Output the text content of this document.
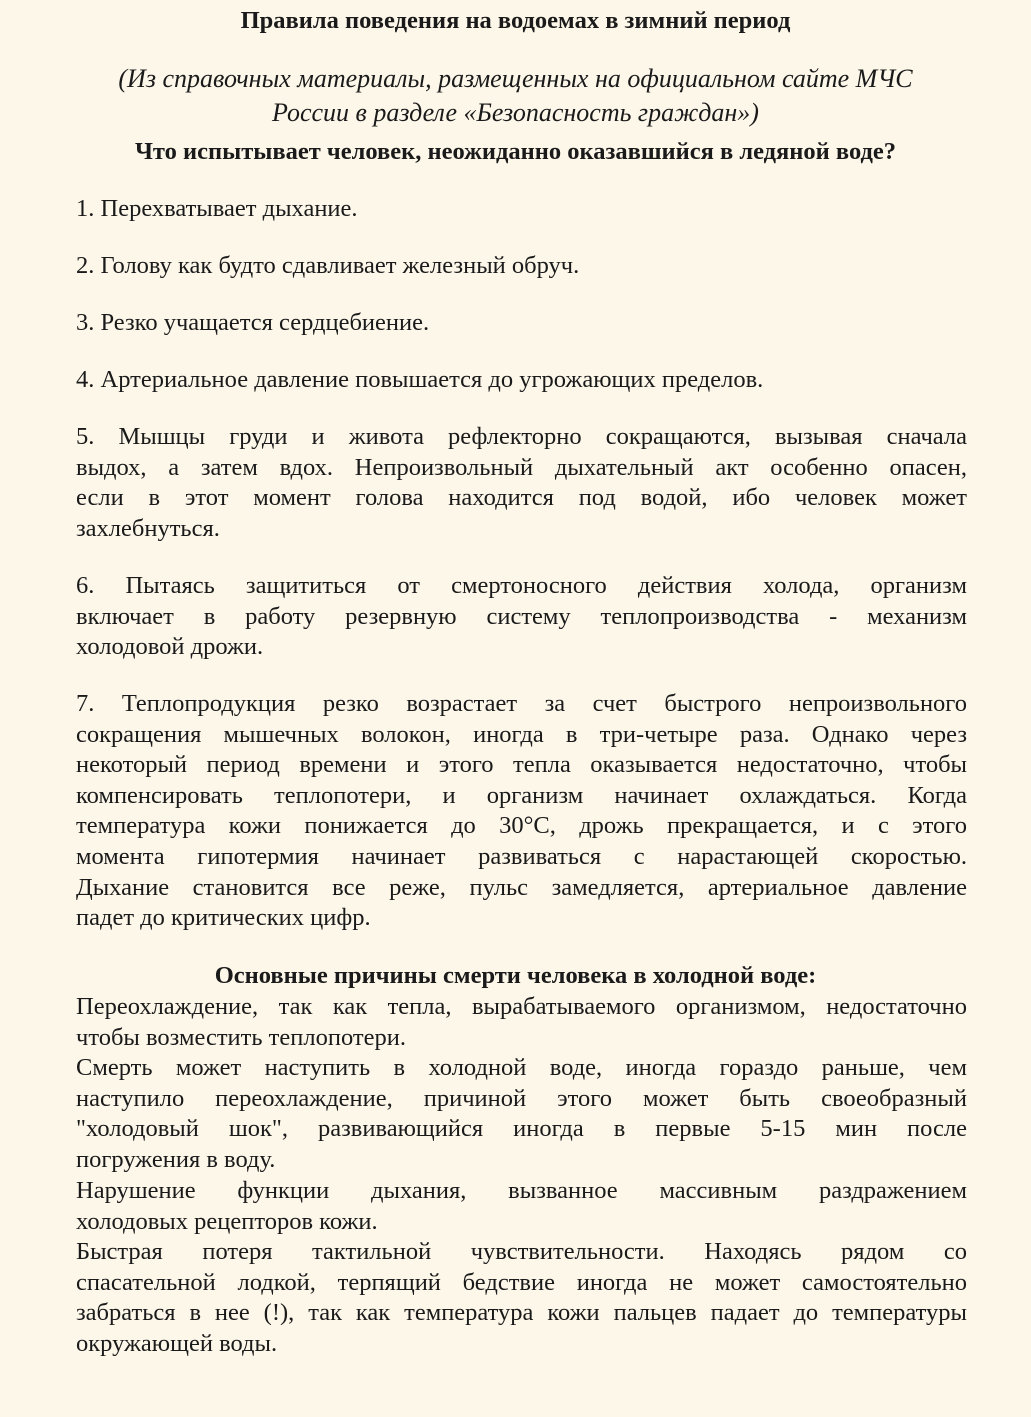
Правила поведения на водоемах в зимний период
(Из справочных материалы, размещенных на официальном сайте МЧС
России в разделе «Безопасность граждан»)
Что испытывает человек, неожиданно оказавшийся в ледяной воде?
1. Перехватывает дыхание.
2. Голову как будто сдавливает железный обруч.
3. Резко учащается сердцебиение.
4. Артериальное давление повышается до угрожающих пределов.
5. Мышцы груди и живота рефлекторно сокращаются, вызывая сначала
выдох, а затем вдох. Непроизвольный дыхательный акт особенно опасен,
если в этот момент голова находится под водой, ибо человек может
захлебнуться.
6. Пытаясь защититься от смертоносного действия холода, организм
включает в работу резервную систему теплопроизводства - механизм
холодовой дрожи.
7. Теплопродукция резко возрастает за счет быстрого непроизвольного
сокращения мышечных волокон, иногда в три-четыре раза. Однако через
некоторый период времени и этого тепла оказывается недостаточно, чтобы
компенсировать теплопотери, и организм начинает охлаждаться. Когда
температура кожи понижается до 30°С, дрожь прекращается, и с этого
момента гипотермия начинает развиваться с нарастающей скоростью.
Дыхание становится все реже, пульс замедляется, артериальное давление
падет до критических цифр.
Основные причины смерти человека в холодной воде:
Переохлаждение, так как тепла, вырабатываемого организмом, недостаточно
чтобы возместить теплопотери.
Смерть может наступить в холодной воде, иногда гораздо раньше, чем
наступило переохлаждение, причиной этого может быть своеобразный
"холодовый шок", развивающийся иногда в первые 5-15 мин после
погружения в воду.
Нарушение функции дыхания, вызванное массивным раздражением
холодовых рецепторов кожи.
Быстрая потеря тактильной чувствительности. Находясь рядом со
спасательной лодкой, терпящий бедствие иногда не может самостоятельно
забраться в нее (!), так как температура кожи пальцев падает до температуры
окружающей воды.
